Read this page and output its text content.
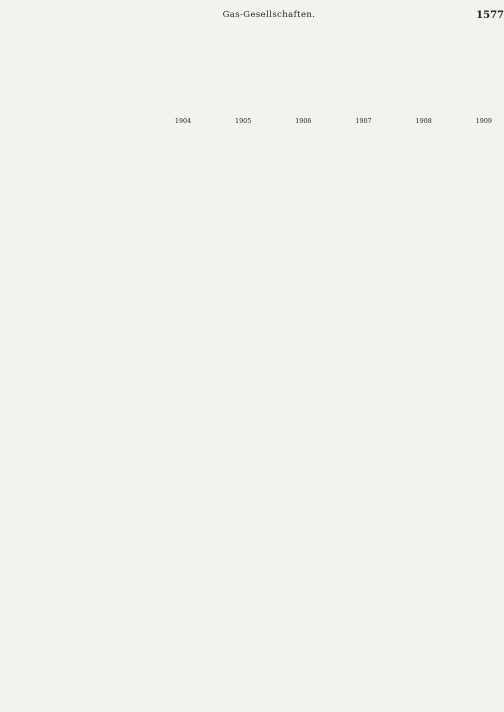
Gas-Gesellschaften.	1577
	1904	1905	1906	1907	1908	1909
